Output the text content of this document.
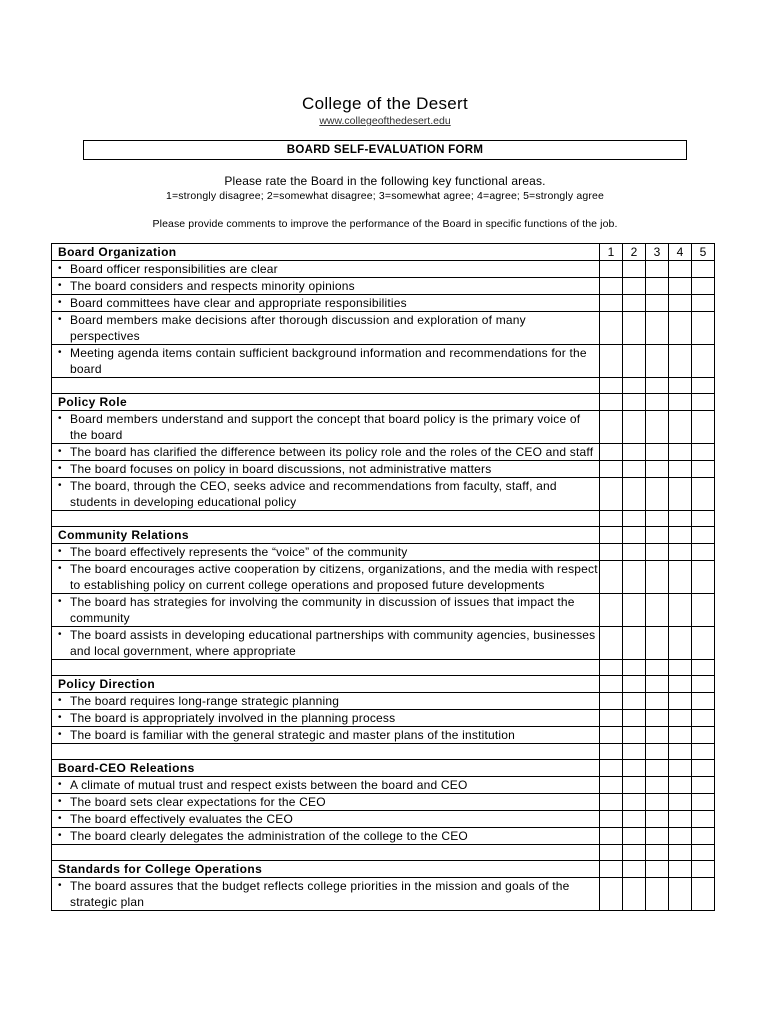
College of the Desert
www.collegeofthedesert.edu
BOARD SELF-EVALUATION FORM
Please rate the Board in the following key functional areas.
1=strongly disagree; 2=somewhat disagree; 3=somewhat agree; 4=agree; 5=strongly agree
Please provide comments to improve the performance of the Board in specific functions of the job.
Board Organization	1	2	3	4	5

• Board officer responsibilities are clear					

• The board considers and respects minority opinions					

• Board committees have clear and appropriate responsibilities					

• Board members make decisions after thorough discussion and exploration of many perspectives					

• Meeting agenda items contain sufficient background information and recommendations for the board					

Policy Role					

• Board members understand and support the concept that board policy is the primary voice of the board					

• The board has clarified the difference between its policy role and the roles of the CEO and staff					

• The board focuses on policy in board discussions, not administrative matters					

• The board, through the CEO, seeks advice and recommendations from faculty, staff, and students in developing educational policy					

Community Relations					

• The board effectively represents the “voice” of the community					

• The board encourages active cooperation by citizens, organizations, and the media with respect to establishing policy on current college operations and proposed future developments					

• The board has strategies for involving the community in discussion of issues that impact the community					

• The board assists in developing educational partnerships with community agencies, businesses and local government, where appropriate					

Policy Direction					

• The board requires long-range strategic planning					

• The board is appropriately involved in the planning process					

• The board is familiar with the general strategic and master plans of the institution					

Board-CEO Releations					

• A climate of mutual trust and respect exists between the board and CEO					

• The board sets clear expectations for the CEO					

• The board effectively evaluates the CEO					

• The board clearly delegates the administration of the college to the CEO					

Standards for College Operations					

• The board assures that the budget reflects college priorities in the mission and goals of the strategic plan					
